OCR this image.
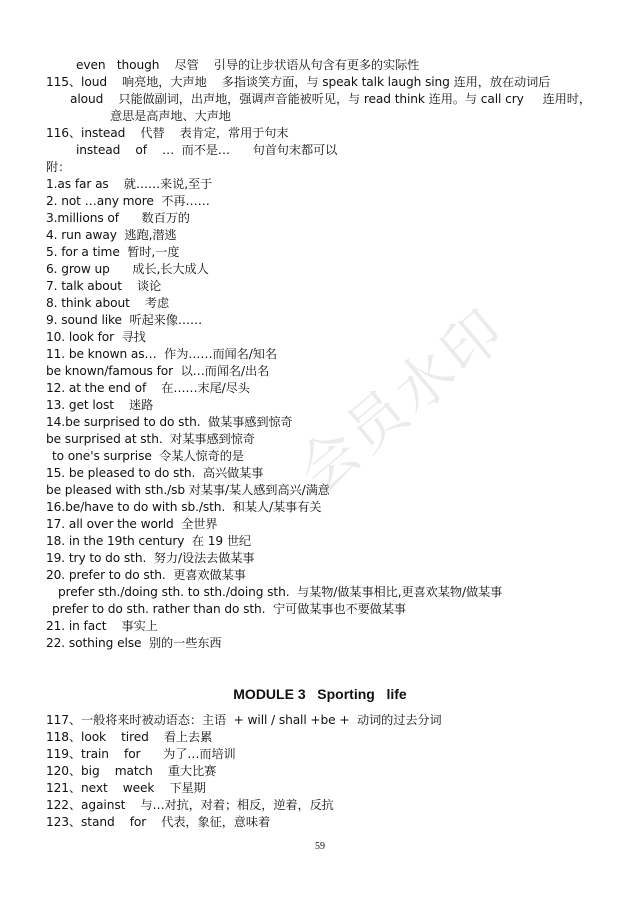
even   though    尽管    引导的让步状语从句含有更多的实际性
115、loud    响亮地，大声地    多指谈笑方面，与 speak talk laugh sing 连用，放在动词后
aloud    只能做副词，出声地，强调声音能被听见，与 read think 连用。与 call cry     连用时，
意思是高声地、大声地
116、instead    代替    表肯定，常用于句末
instead    of    …  而不是…      句首句末都可以
附：
1.as far as    就……来说,至于
2. not …any more  不再……
3.millions of      数百万的
4. run away  逃跑,潜逃
5. for a time  暂时,一度
6. grow up      成长,长大成人
7. talk about    谈论
8. think about    考虑
9. sound like  听起来像……
10. look for  寻找
11. be known as…  作为……而闻名/知名
be known/famous for  以…而闻名/出名
12. at the end of    在……末尾/尽头
13. get lost    迷路
14.be surprised to do sth.  做某事感到惊奇
be surprised at sth.  对某事感到惊奇
to one's surprise  令某人惊奇的是
15. be pleased to do sth.  高兴做某事
be pleased with sth./sb 对某事/某人感到高兴/满意
16.be/have to do with sb./sth.  和某人/某事有关
17. all over the world  全世界
18. in the 19th century  在 19 世纪
19. try to do sth.  努力/设法去做某事
20. prefer to do sth.  更喜欢做某事
prefer sth./doing sth. to sth./doing sth.  与某物/做某事相比,更喜欢某物/做某事
prefer to do sth. rather than do sth.  宁可做某事也不要做某事
21. in fact    事实上
22. sothing else  别的一些东西
MODULE 3   Sporting   life
117、一般将来时被动语态：主语  + will / shall +be +  动词的过去分词
118、look    tired    看上去累
119、train    for      为了…而培训
120、big    match    重大比赛
121、next    week    下星期
122、against    与…对抗，对着；相反，逆着，反抗
123、stand    for    代表，象征，意味着
59
会
员
水
印
